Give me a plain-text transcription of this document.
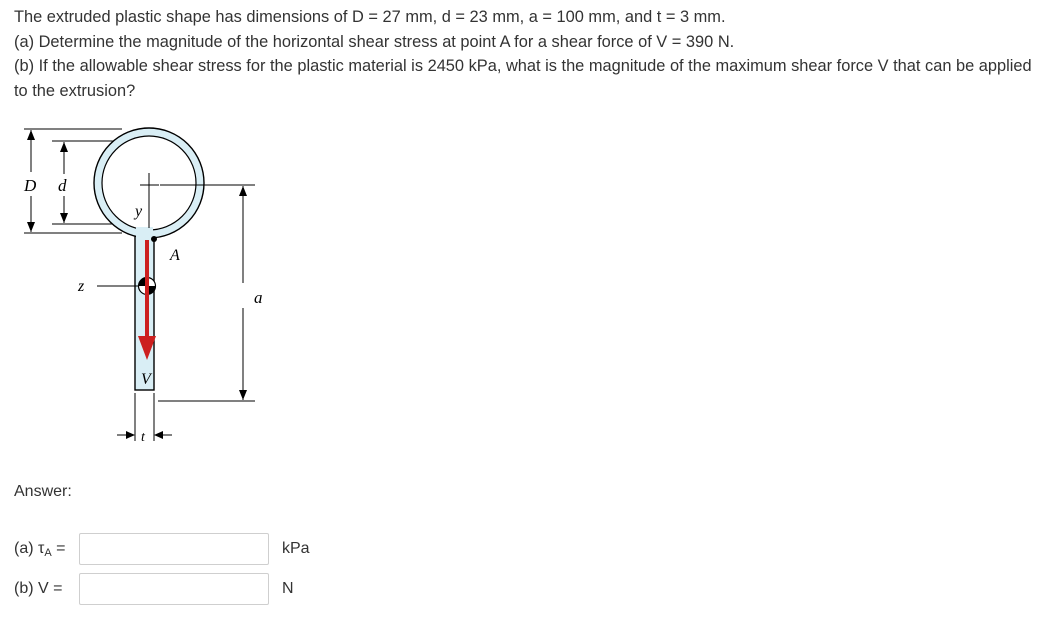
The extruded plastic shape has dimensions of D = 27 mm, d = 23 mm, a = 100 mm, and t = 3 mm.

(a) Determine the magnitude of the horizontal shear stress at point A for a shear force of V = 390 N.

(b) If the allowable shear stress for the plastic material is 2450 kPa, what is the magnitude of the maximum shear force V that can be applied to the extrusion?

D d
y
a
A
z
V
t
Answer:
(a) $\tau_A$ =	kPa
(b) V =	N
